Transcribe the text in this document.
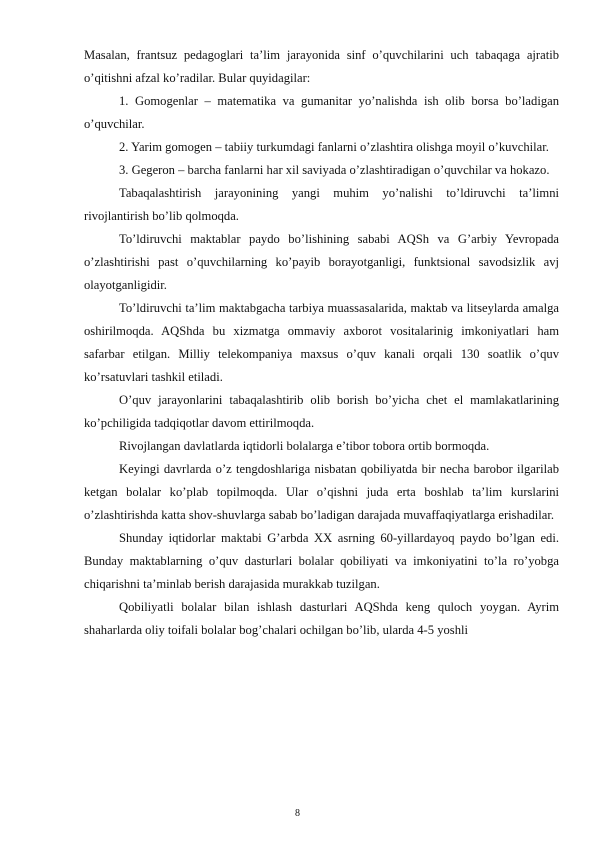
Masalan, frantsuz pedagoglari ta’lim jarayonida sinf o’quvchilarini uch tabaqaga ajratib o’qitishni afzal ko’radilar. Bular quyidagilar:

1. Gomogenlar – matematika va gumanitar yo’nalishda ish olib borsa bo’ladigan o’quvchilar.

2. Yarim gomogen – tabiiy turkumdagi fanlarni o’zlashtira olishga moyil o’kuvchilar.

3. Gegeron – barcha fanlarni har xil saviyada o’zlashtiradigan o’quvchilar va hokazo.

Tabaqalashtirish jarayonining yangi muhim yo’nalishi to’ldiruvchi ta’limni rivojlantirish bo’lib qolmoqda.

To’ldiruvchi maktablar paydo bo’lishining sababi AQSh va G’arbiy Yevropada o’zlashtirishi past o’quvchilarning ko’payib borayotganligi, funktsional savodsizlik avj olayotganligidir.

To’ldiruvchi ta’lim maktabgacha tarbiya muassasalarida, maktab va litseylarda amalga oshirilmoqda. AQShda bu xizmatga ommaviy axborot vositalarinig imkoniyatlari ham safarbar etilgan. Milliy telekompaniya maxsus o’quv kanali orqali 130 soatlik o’quv ko’rsatuvlari tashkil etiladi.

O’quv jarayonlarini tabaqalashtirib olib borish bo’yicha chet el mamlakatlarining ko’pchiligida tadqiqotlar davom ettirilmoqda.

Rivojlangan davlatlarda iqtidorli bolalarga e’tibor tobora ortib bormoqda.

Keyingi davrlarda o’z tengdoshlariga nisbatan qobiliyatda bir necha barobor ilgarilab ketgan bolalar ko’plab topilmoqda. Ular o’qishni juda erta boshlab ta’lim kurslarini o’zlashtirishda katta shov-shuvlarga sabab bo’ladigan darajada muvaffaqiyatlarga erishadilar.

Shunday iqtidorlar maktabi G’arbda XX asrning 60-yillardayoq paydo bo’lgan edi. Bunday maktablarning o’quv dasturlari bolalar qobiliyati va imkoniyatini to’la ro’yobga chiqarishni ta’minlab berish darajasida murakkab tuzilgan.

Qobiliyatli bolalar bilan ishlash dasturlari AQShda keng quloch yoygan. Ayrim shaharlarda oliy toifali bolalar bog’chalari ochilgan bo’lib, ularda 4-5 yoshli

8
